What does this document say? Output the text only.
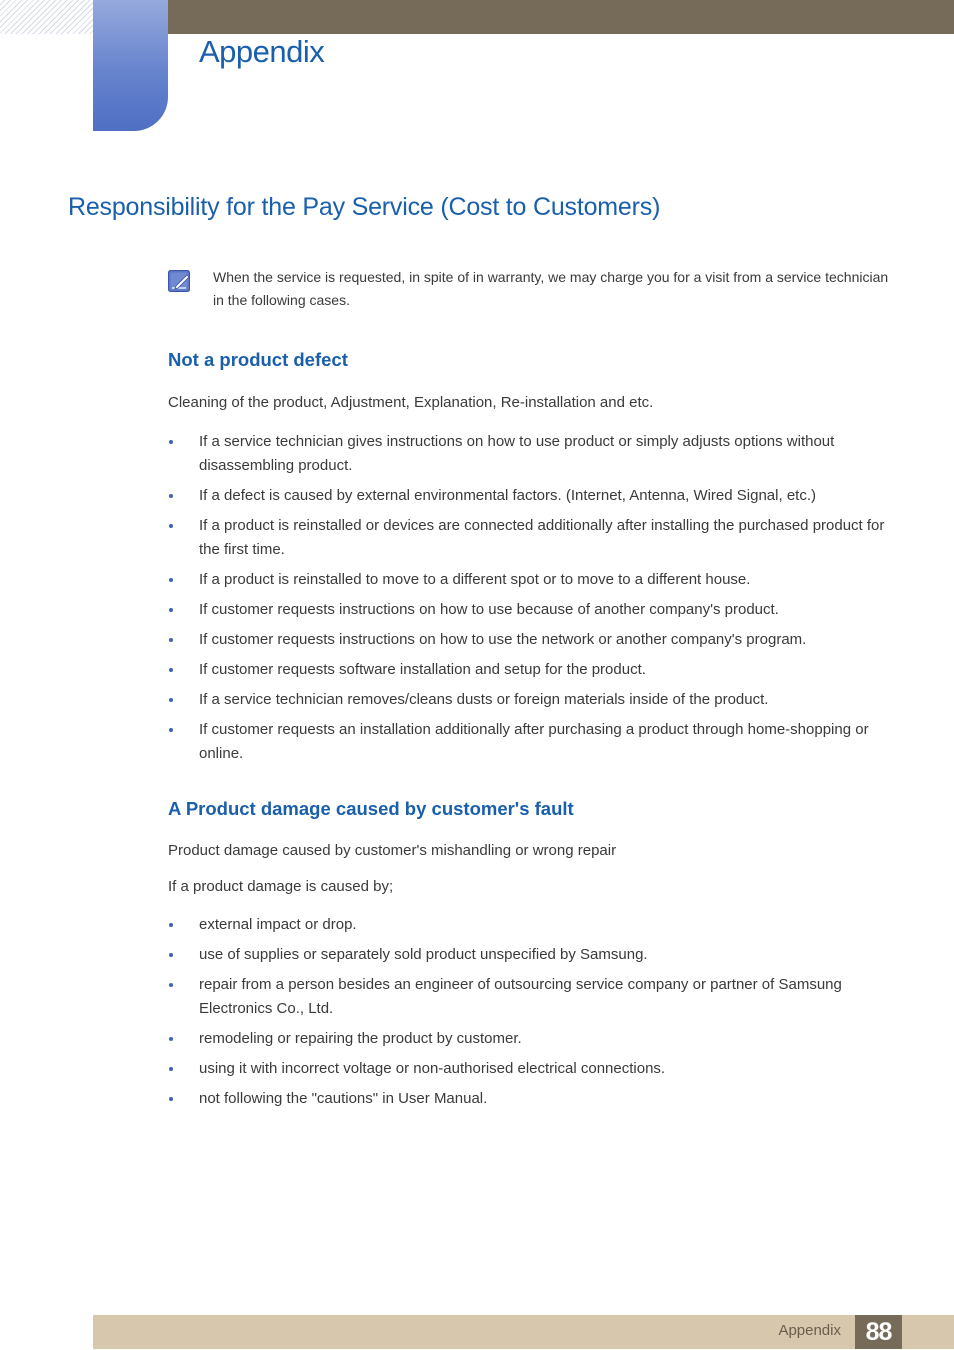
Appendix
Responsibility for the Pay Service (Cost to Customers)

When the service is requested, in spite of in warranty, we may charge you for a visit from a service technician in the following cases.

Not a product defect

Cleaning of the product, Adjustment, Explanation, Re-installation and etc.

If a service technician gives instructions on how to use product or simply adjusts options without disassembling product.
If a defect is caused by external environmental factors. (Internet, Antenna, Wired Signal, etc.)
If a product is reinstalled or devices are connected additionally after installing the purchased product for the first time.
If a product is reinstalled to move to a different spot or to move to a different house.
If customer requests instructions on how to use because of another company's product.
If customer requests instructions on how to use the network or another company's program.
If customer requests software installation and setup for the product.
If a service technician removes/cleans dusts or foreign materials inside of the product.
If customer requests an installation additionally after purchasing a product through home-shopping or online.
A Product damage caused by customer's fault

Product damage caused by customer's mishandling or wrong repair

If a product damage is caused by;

external impact or drop.
use of supplies or separately sold product unspecified by Samsung.
repair from a person besides an engineer of outsourcing service company or partner of Samsung Electronics Co., Ltd.
remodeling or repairing the product by customer.
using it with incorrect voltage or non-authorised electrical connections.
not following the "cautions" in User Manual.
Appendix 88
